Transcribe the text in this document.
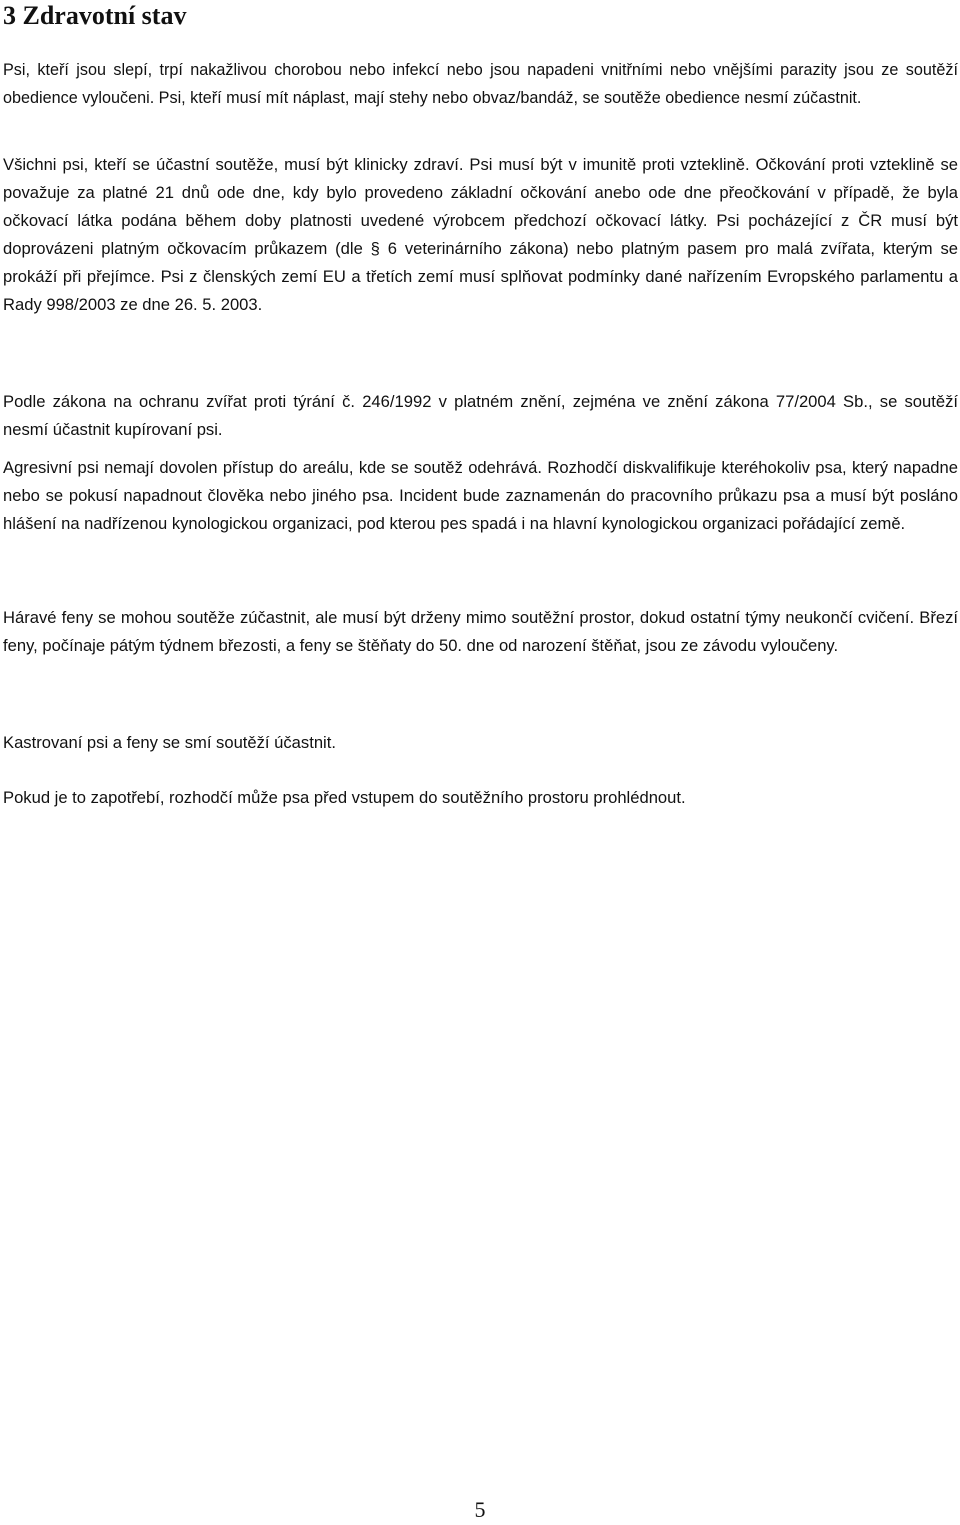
3 Zdravotní stav

Psi, kteří jsou slepí, trpí nakažlivou chorobou nebo infekcí nebo jsou napadeni vnitřními nebo vnějšími parazity jsou ze soutěží obedience vyloučeni. Psi, kteří musí mít náplast, mají stehy nebo obvaz/bandáž, se soutěže obedience nesmí zúčastnit.

Všichni psi, kteří se účastní soutěže, musí být klinicky zdraví. Psi musí být v imunitě proti vzteklině. Očkování proti vzteklině se považuje za platné 21 dnů ode dne, kdy bylo provedeno základní očkování anebo ode dne přeočkování v případě, že byla očkovací látka podána během doby platnosti uvedené výrobcem předchozí očkovací látky. Psi pocházející z ČR musí být doprovázeni platným očkovacím průkazem (dle § 6 veterinárního zákona) nebo platným pasem pro malá zvířata, kterým se prokáží při přejímce. Psi z členských zemí EU a třetích zemí musí splňovat podmínky dané nařízením Evropského parlamentu a Rady 998/2003 ze dne 26. 5. 2003.

Podle zákona na ochranu zvířat proti týrání č. 246/1992 v platném znění, zejména ve znění zákona 77/2004 Sb., se soutěží nesmí účastnit kupírovaní psi.

Agresivní psi nemají dovolen přístup do areálu, kde se soutěž odehrává. Rozhodčí diskvalifikuje kteréhokoliv psa, který napadne nebo se pokusí napadnout člověka nebo jiného psa. Incident bude zaznamenán do pracovního průkazu psa a musí být posláno hlášení na nadřízenou kynologickou organizaci, pod kterou pes spadá i na hlavní kynologickou organizaci pořádající země.

Háravé feny se mohou soutěže zúčastnit, ale musí být drženy mimo soutěžní prostor, dokud ostatní týmy neukončí cvičení. Březí feny, počínaje pátým týdnem březosti, a feny se štěňaty do 50. dne od narození štěňat, jsou ze závodu vyloučeny.

Kastrovaní psi a feny se smí soutěží účastnit.

Pokud je to zapotřebí, rozhodčí může psa před vstupem do soutěžního prostoru prohlédnout.

5
